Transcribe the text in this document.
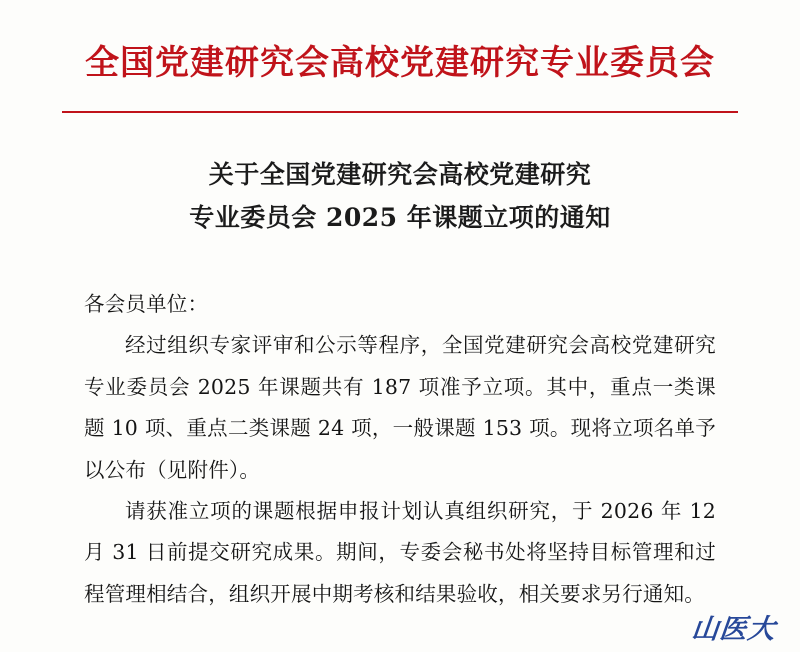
全国党建研究会高校党建研究专业委员会
关于全国党建研究会高校党建研究
专业委员会 2025 年课题立项的通知

各会员单位：

经过组织专家评审和公示等程序，全国党建研究会高校党建研究专业委员会 2025 年课题共有 187 项准予立项。其中，重点一类课题 10 项、重点二类课题 24 项，一般课题 153 项。现将立项名单予以公布（见附件）。

请获准立项的课题根据申报计划认真组织研究，于 2026 年 12 月 31 日前提交研究成果。期间，专委会秘书处将坚持目标管理和过程管理相结合，组织开展中期考核和结果验收，相关要求另行通知。

山医大
